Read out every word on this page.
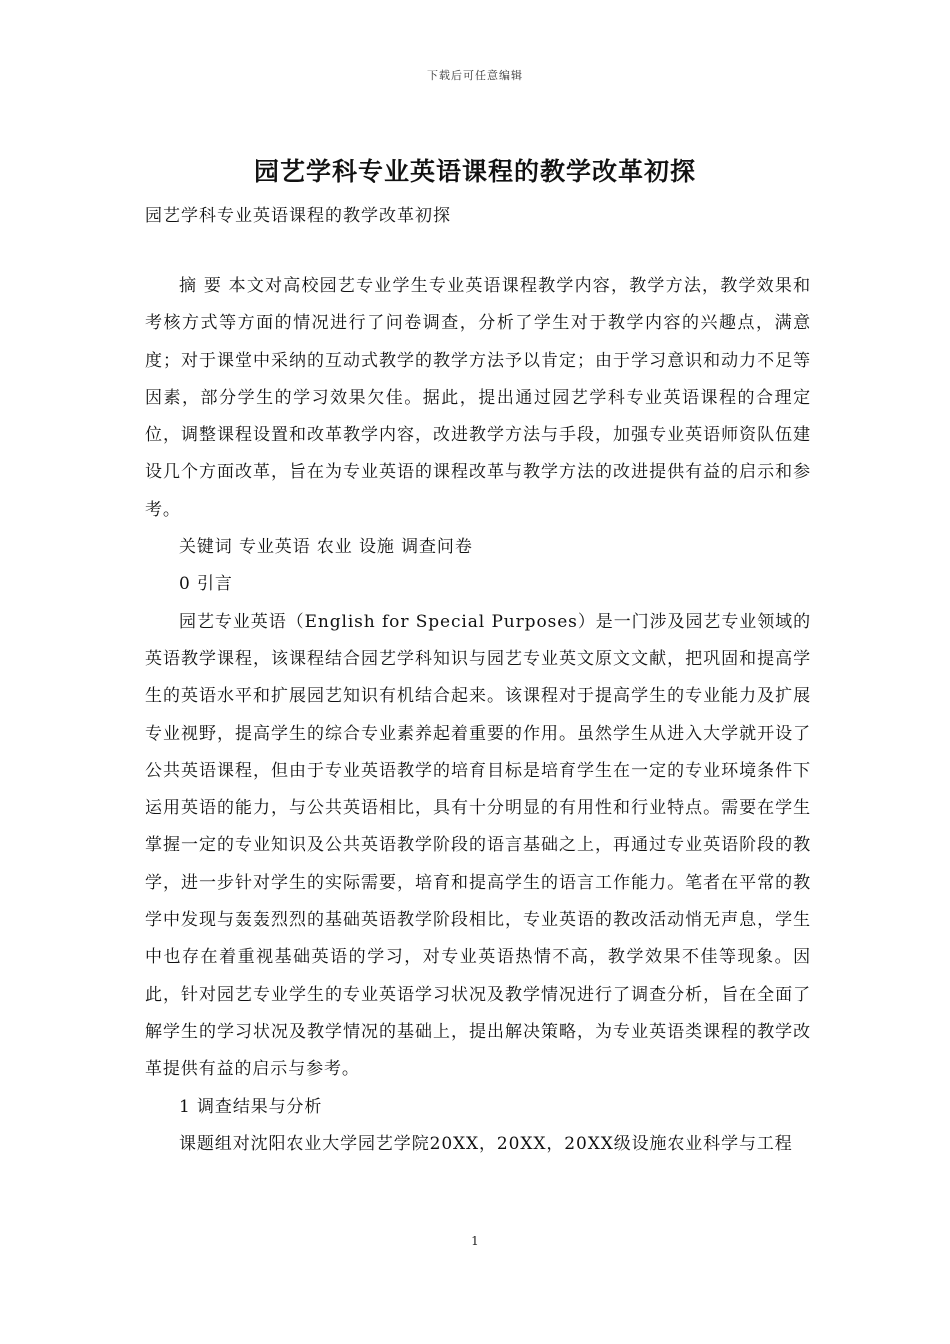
下载后可任意编辑
园艺学科专业英语课程的教学改革初探
园艺学科专业英语课程的教学改革初探

摘 要 本文对高校园艺专业学生专业英语课程教学内容，教学方法，教学效果和考核方式等方面的情况进行了问卷调查，分析了学生对于教学内容的兴趣点，满意度；对于课堂中采纳的互动式教学的教学方法予以肯定；由于学习意识和动力不足等因素，部分学生的学习效果欠佳。据此，提出通过园艺学科专业英语课程的合理定位，调整课程设置和改革教学内容，改进教学方法与手段，加强专业英语师资队伍建设几个方面改革，旨在为专业英语的课程改革与教学方法的改进提供有益的启示和参考。

关键词 专业英语 农业 设施 调查问卷

0 引言

园艺专业英语（English for Special Purposes）是一门涉及园艺专业领域的英语教学课程，该课程结合园艺学科知识与园艺专业英文原文文献，把巩固和提高学生的英语水平和扩展园艺知识有机结合起来。该课程对于提高学生的专业能力及扩展专业视野，提高学生的综合专业素养起着重要的作用。虽然学生从进入大学就开设了公共英语课程，但由于专业英语教学的培育目标是培育学生在一定的专业环境条件下运用英语的能力，与公共英语相比，具有十分明显的有用性和行业特点。需要在学生掌握一定的专业知识及公共英语教学阶段的语言基础之上，再通过专业英语阶段的教学，进一步针对学生的实际需要，培育和提高学生的语言工作能力。笔者在平常的教学中发现与轰轰烈烈的基础英语教学阶段相比，专业英语的教改活动悄无声息，学生中也存在着重视基础英语的学习，对专业英语热情不高，教学效果不佳等现象。因此，针对园艺专业学生的专业英语学习状况及教学情况进行了调查分析，旨在全面了解学生的学习状况及教学情况的基础上，提出解决策略，为专业英语类课程的教学改革提供有益的启示与参考。

1 调查结果与分析

课题组对沈阳农业大学园艺学院20XX，20XX，20XX级设施农业科学与工程

1
